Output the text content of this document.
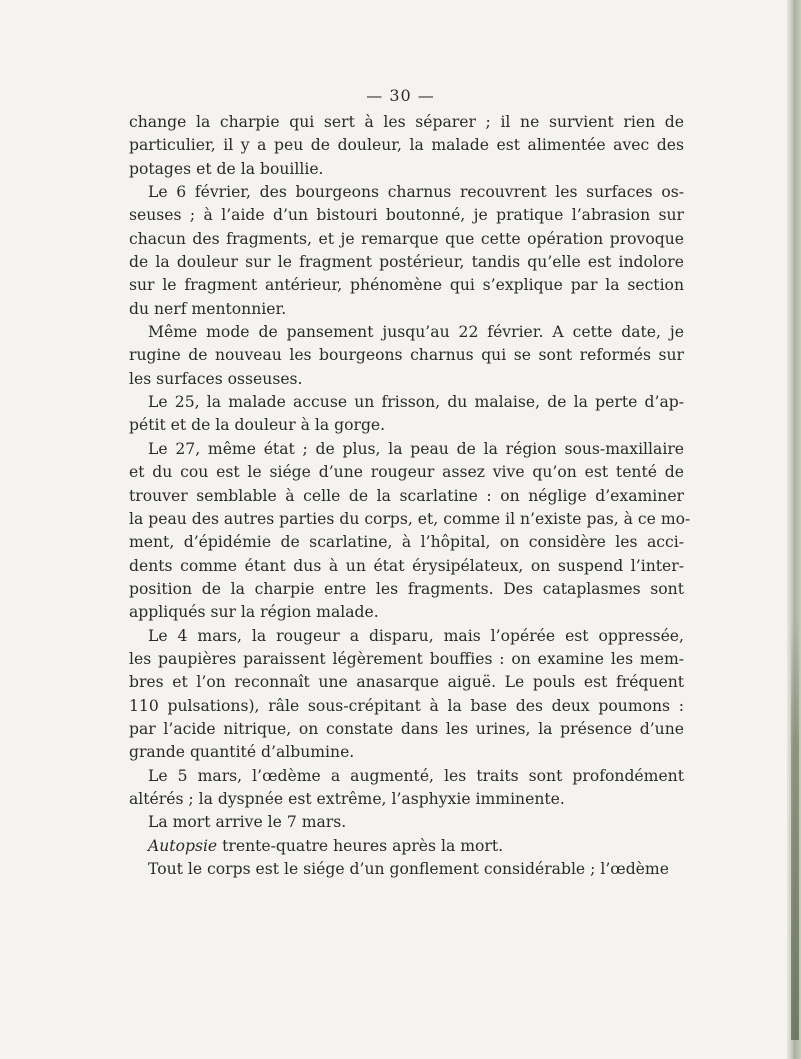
— 30 —
change la charpie qui sert à les séparer ; il ne survient rien de
particulier, il y a peu de douleur, la malade est alimentée avec des
potages et de la bouillie.
Le 6 février, des bourgeons charnus recouvrent les surfaces os-
seuses ; à l’aide d’un bistouri boutonné, je pratique l’abrasion sur
chacun des fragments, et je remarque que cette opération provoque
de la douleur sur le fragment postérieur, tandis qu’elle est indolore
sur le fragment antérieur, phénomène qui s’explique par la section
du nerf mentonnier.
Même mode de pansement jusqu’au 22 février. A cette date, je
rugine de nouveau les bourgeons charnus qui se sont reformés sur
les surfaces osseuses.
Le 25, la malade accuse un frisson, du malaise, de la perte d’ap-
pétit et de la douleur à la gorge.
Le 27, même état ; de plus, la peau de la région sous-maxillaire
et du cou est le siége d’une rougeur assez vive qu’on est tenté de
trouver semblable à celle de la scarlatine : on néglige d’examiner
la peau des autres parties du corps, et, comme il n’existe pas, à ce mo-
ment, d’épidémie de scarlatine, à l’hôpital, on considère les acci-
dents comme étant dus à un état érysipélateux, on suspend l’inter-
position de la charpie entre les fragments. Des cataplasmes sont
appliqués sur la région malade.
Le 4 mars, la rougeur a disparu, mais l’opérée est oppressée,
les paupières paraissent légèrement bouffies : on examine les mem-
bres et l’on reconnaît une anasarque aiguë. Le pouls est fréquent
110 pulsations), râle sous-crépitant à la base des deux poumons :
par l’acide nitrique, on constate dans les urines, la présence d’une
grande quantité d’albumine.
Le 5 mars, l’œdème a augmenté, les traits sont profondément
altérés ; la dyspnée est extrême, l’asphyxie imminente.
La mort arrive le 7 mars.
Autopsie trente-quatre heures après la mort.
Tout le corps est le siége d’un gonflement considérable ; l’œdème
